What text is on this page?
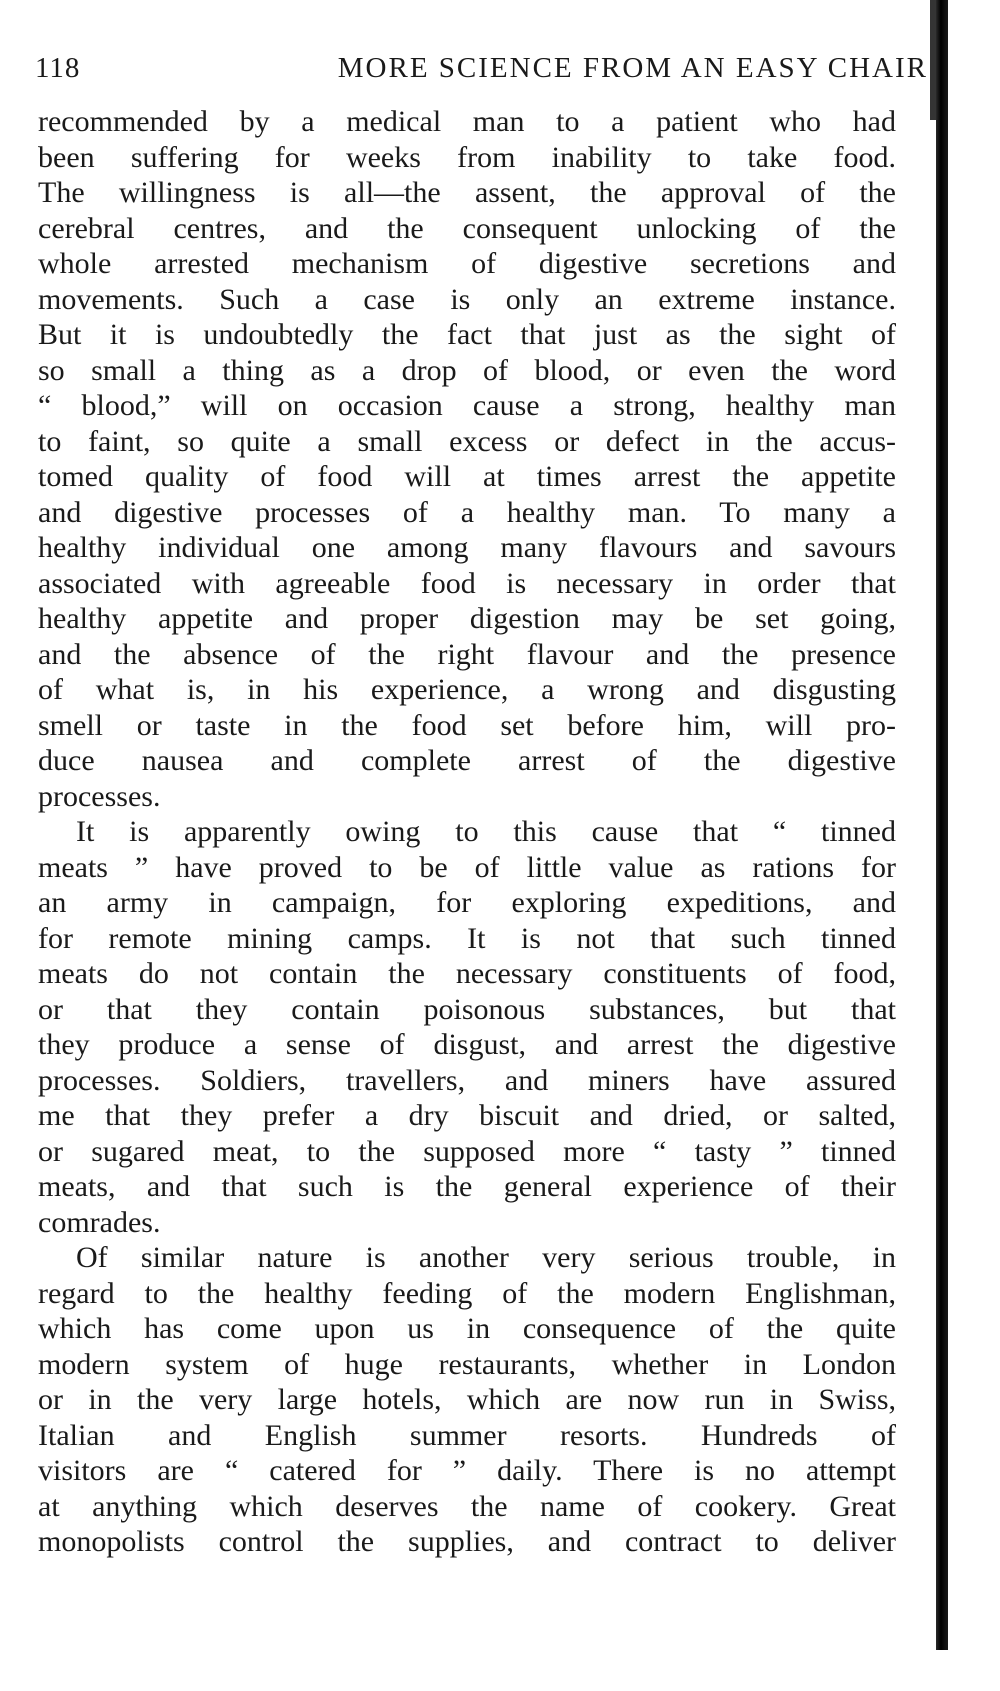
118	MORE SCIENCE FROM AN EASY CHAIR
recommended by a medical man to a patient who had
been suffering for weeks from inability to take food.
The willingness is all—the assent, the approval of the
cerebral centres, and the consequent unlocking of the
whole arrested mechanism of digestive secretions and
movements. Such a case is only an extreme instance.
But it is undoubtedly the fact that just as the sight of
so small a thing as a drop of blood, or even the word
“ blood,” will on occasion cause a strong, healthy man
to faint, so quite a small excess or defect in the accus-
tomed quality of food will at times arrest the appetite
and digestive processes of a healthy man. To many a
healthy individual one among many flavours and savours
associated with agreeable food is necessary in order that
healthy appetite and proper digestion may be set going,
and the absence of the right flavour and the presence
of what is, in his experience, a wrong and disgusting
smell or taste in the food set before him, will pro-
duce nausea and complete arrest of the digestive
processes.
It is apparently owing to this cause that “ tinned
meats ” have proved to be of little value as rations for
an army in campaign, for exploring expeditions, and
for remote mining camps. It is not that such tinned
meats do not contain the necessary constituents of food,
or that they contain poisonous substances, but that
they produce a sense of disgust, and arrest the digestive
processes. Soldiers, travellers, and miners have assured
me that they prefer a dry biscuit and dried, or salted,
or sugared meat, to the supposed more “ tasty ” tinned
meats, and that such is the general experience of their
comrades.
Of similar nature is another very serious trouble, in
regard to the healthy feeding of the modern Englishman,
which has come upon us in consequence of the quite
modern system of huge restaurants, whether in London
or in the very large hotels, which are now run in Swiss,
Italian and English summer resorts. Hundreds of
visitors are “ catered for ” daily. There is no attempt
at anything which deserves the name of cookery. Great
monopolists control the supplies, and contract to deliver
